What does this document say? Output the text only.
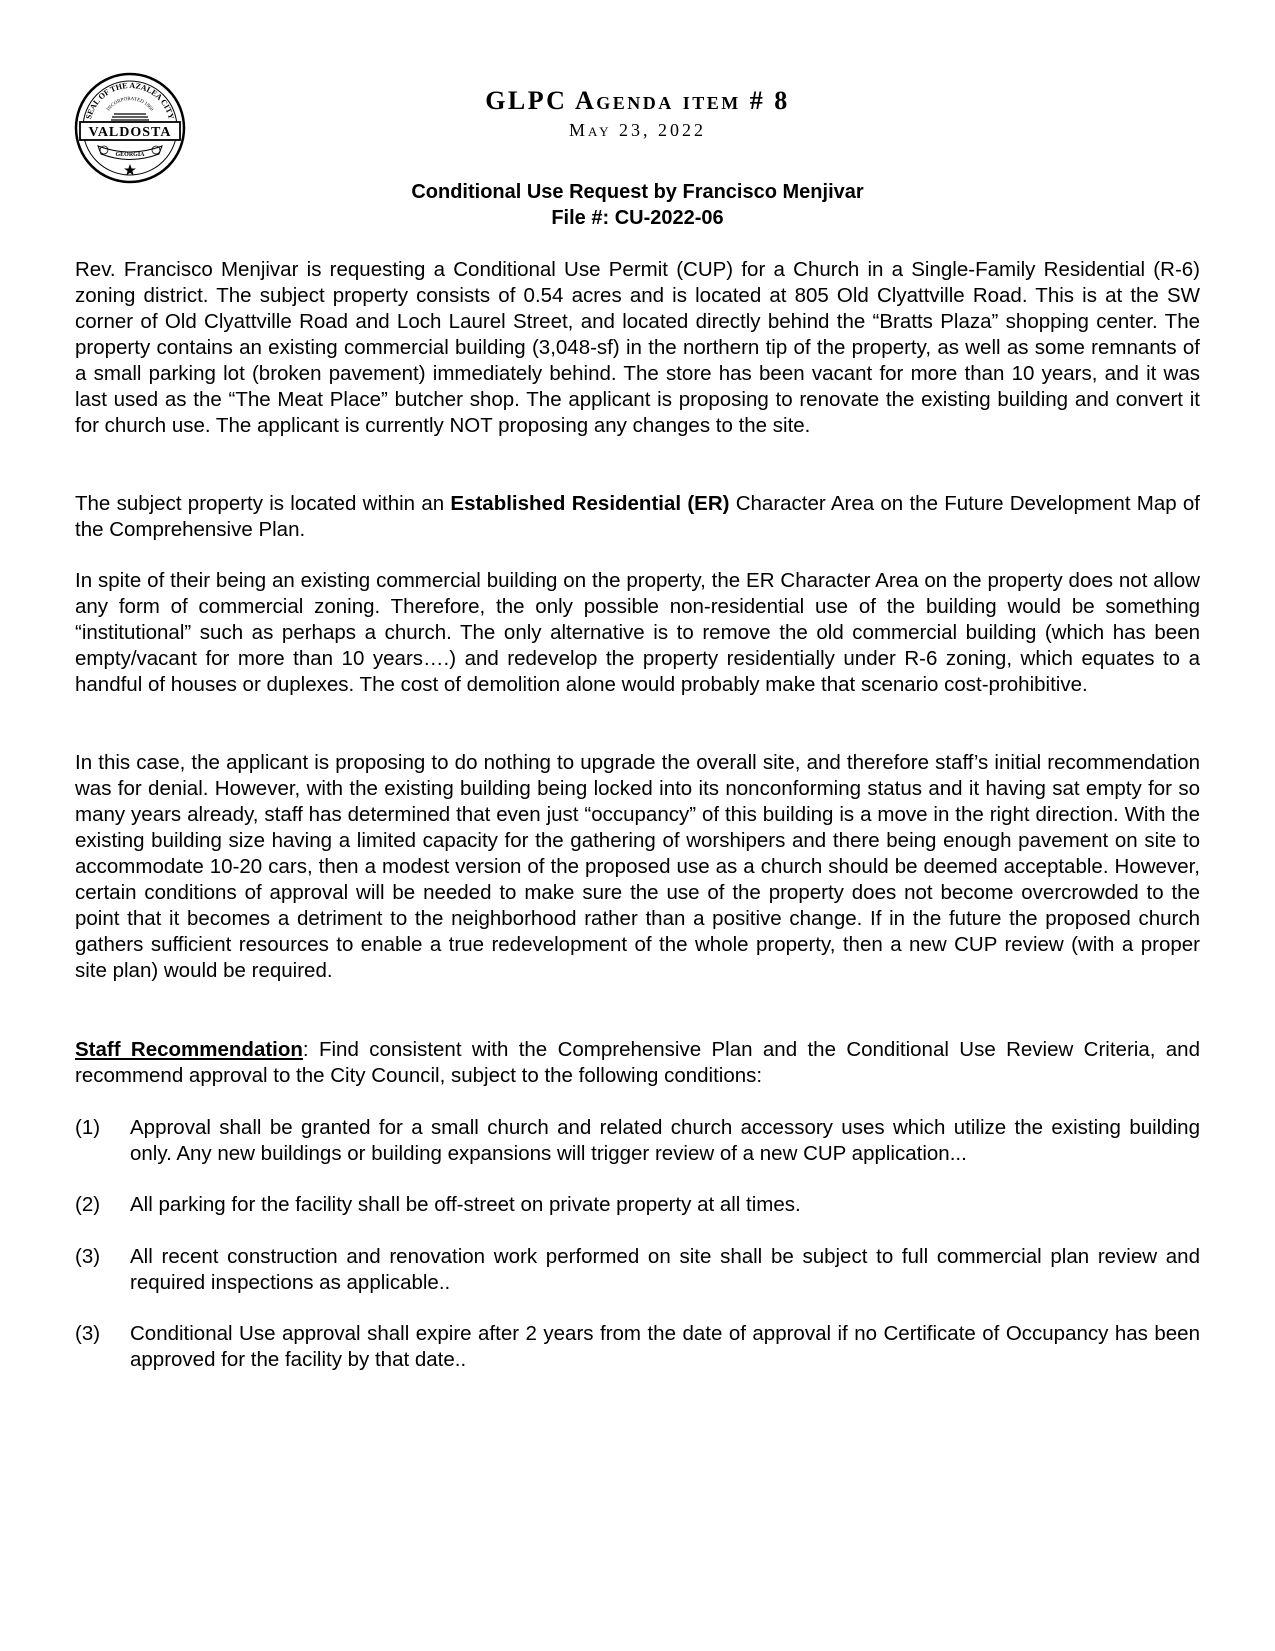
SEAL OF THE AZALEA CITY
INCORPORATED 1860
VALDOSTA
GEORGIA
GLPC Agenda item # 8
May 23, 2022
Conditional Use Request by Francisco Menjivar
File #: CU-2022-06
Rev. Francisco Menjivar is requesting a Conditional Use Permit (CUP) for a Church in a Single-Family Residential (R-6) zoning district. The subject property consists of 0.54 acres and is located at 805 Old Clyattville Road. This is at the SW corner of Old Clyattville Road and Loch Laurel Street, and located directly behind the “Bratts Plaza” shopping center. The property contains an existing commercial building (3,048-sf) in the northern tip of the property, as well as some remnants of a small parking lot (broken pavement) immediately behind. The store has been vacant for more than 10 years, and it was last used as the “The Meat Place” butcher shop. The applicant is proposing to renovate the existing building and convert it for church use. The applicant is currently NOT proposing any changes to the site.
The subject property is located within an Established Residential (ER) Character Area on the Future Development Map of the Comprehensive Plan.
In spite of their being an existing commercial building on the property, the ER Character Area on the property does not allow any form of commercial zoning. Therefore, the only possible non-residential use of the building would be something “institutional” such as perhaps a church. The only alternative is to remove the old commercial building (which has been empty/vacant for more than 10 years….) and redevelop the property residentially under R-6 zoning, which equates to a handful of houses or duplexes. The cost of demolition alone would probably make that scenario cost-prohibitive.
In this case, the applicant is proposing to do nothing to upgrade the overall site, and therefore staff’s initial recommendation was for denial. However, with the existing building being locked into its nonconforming status and it having sat empty for so many years already, staff has determined that even just “occupancy” of this building is a move in the right direction. With the existing building size having a limited capacity for the gathering of worshipers and there being enough pavement on site to accommodate 10-20 cars, then a modest version of the proposed use as a church should be deemed acceptable. However, certain conditions of approval will be needed to make sure the use of the property does not become overcrowded to the point that it becomes a detriment to the neighborhood rather than a positive change. If in the future the proposed church gathers sufficient resources to enable a true redevelopment of the whole property, then a new CUP review (with a proper site plan) would be required.
Staff Recommendation: Find consistent with the Comprehensive Plan and the Conditional Use Review Criteria, and recommend approval to the City Council, subject to the following conditions:
(1) Approval shall be granted for a small church and related church accessory uses which utilize the existing building only. Any new buildings or building expansions will trigger review of a new CUP application...
(2) All parking for the facility shall be off-street on private property at all times.
(3) All recent construction and renovation work performed on site shall be subject to full commercial plan review and required inspections as applicable..
(3) Conditional Use approval shall expire after 2 years from the date of approval if no Certificate of Occupancy has been approved for the facility by that date..
